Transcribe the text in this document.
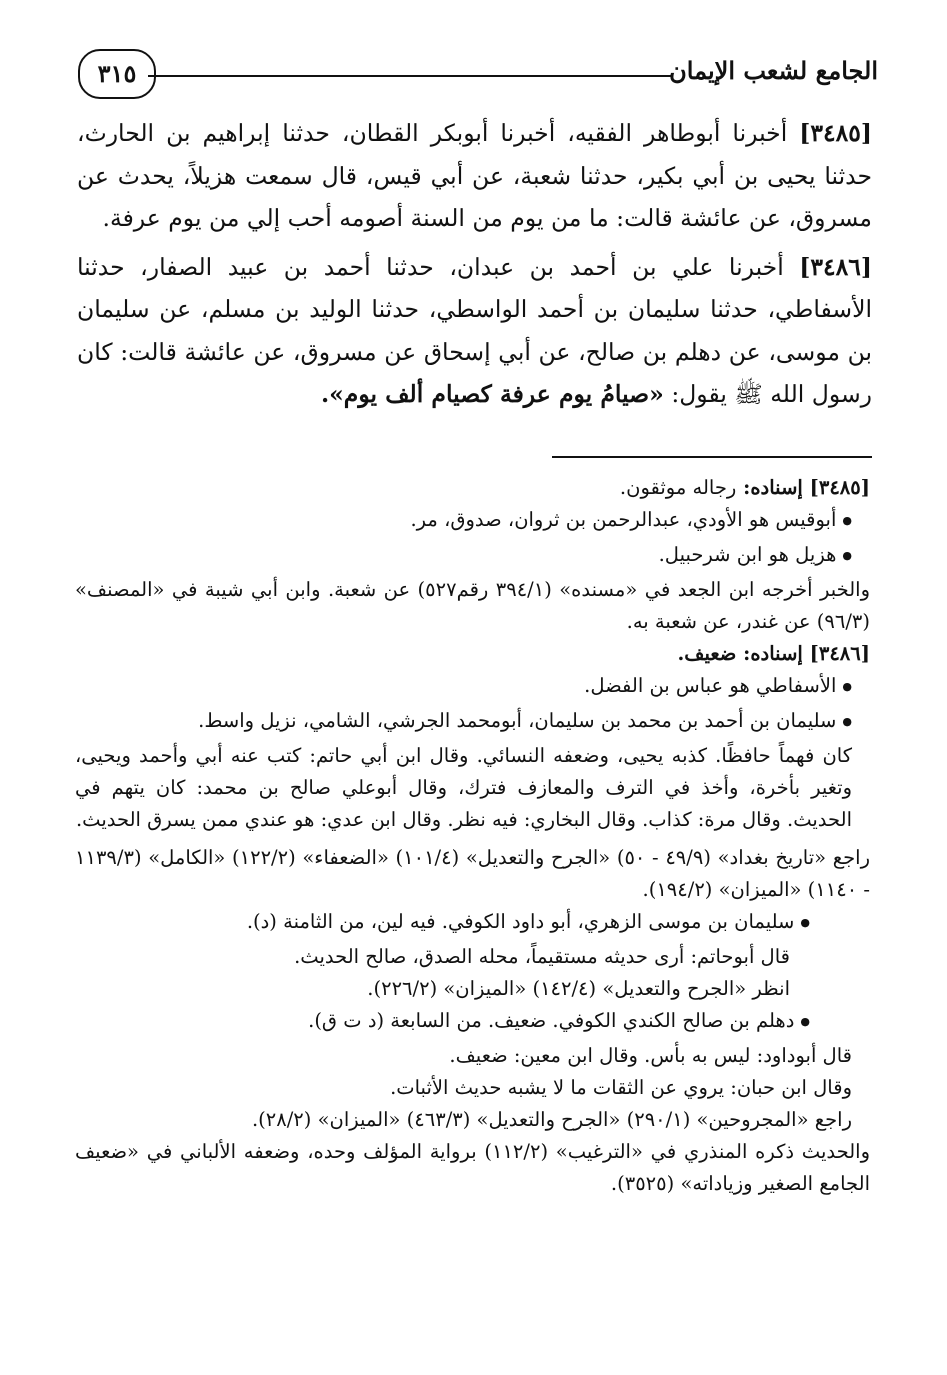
الجامع لشعب الإيمان
٣١٥

[٣٤٨٥] أخبرنا أبوطاهر الفقيه، أخبرنا أبوبكر القطان، حدثنا إبراهيم بن الحارث، حدثنا يحيى بن أبي بكير، حدثنا شعبة، عن أبي قيس، قال سمعت هزيلاً، يحدث عن مسروق، عن عائشة قالت: ما من يوم من السنة أصومه أحب إلي من يوم عرفة.

[٣٤٨٦] أخبرنا علي بن أحمد بن عبدان، حدثنا أحمد بن عبيد الصفار، حدثنا الأسفاطي، حدثنا سليمان بن أحمد الواسطي، حدثنا الوليد بن مسلم، عن سليمان بن موسى، عن دهلم بن صالح، عن أبي إسحاق عن مسروق، عن عائشة قالت: كان رسول الله ﷺ يقول: «صيامُ يوم عرفة كصيام ألف يوم».

[٣٤٨٥] إسناده: رجاله موثقون.

● أبوقيس هو الأودي، عبدالرحمن بن ثروان، صدوق، مر.

● هزيل هو ابن شرحبيل.

والخبر أخرجه ابن الجعد في «مسنده» (٣٩٤/١ رقم٥٢٧) عن شعبة. وابن أبي شيبة في «المصنف» (٩٦/٣) عن غندر، عن شعبة به.

[٣٤٨٦] إسناده: ضعيف.

● الأسفاطي هو عباس بن الفضل.

● سليمان بن أحمد بن محمد بن سليمان، أبومحمد الجرشي، الشامي، نزيل واسط.

كان فهماً حافظًا. كذبه يحيى، وضعفه النسائي. وقال ابن أبي حاتم: كتب عنه أبي وأحمد ويحيى، وتغير بأخرة، وأخذ في الترف والمعازف فترك، وقال أبوعلي صالح بن محمد: كان يتهم في الحديث. وقال مرة: كذاب. وقال البخاري: فيه نظر. وقال ابن عدي: هو عندي ممن يسرق الحديث.

راجع «تاريخ بغداد» (٤٩/٩ - ٥٠) «الجرح والتعديل» (١٠١/٤) «الضعفاء» (١٢٢/٢) «الكامل» (١١٣٩/٣ - ١١٤٠) «الميزان» (١٩٤/٢).

● سليمان بن موسى الزهري، أبو داود الكوفي. فيه لين، من الثامنة (د).

قال أبوحاتم: أرى حديثه مستقيماً، محله الصدق، صالح الحديث.

انظر «الجرح والتعديل» (١٤٢/٤) «الميزان» (٢٢٦/٢).

● دهلم بن صالح الكندي الكوفي. ضعيف. من السابعة (د ت ق).

قال أبوداود: ليس به بأس. وقال ابن معين: ضعيف.

وقال ابن حبان: يروي عن الثقات ما لا يشبه حديث الأثبات.

راجع «المجروحين» (٢٩٠/١) «الجرح والتعديل» (٤٦٣/٣) «الميزان» (٢٨/٢).

والحديث ذكره المنذري في «الترغيب» (١١٢/٢) برواية المؤلف وحده، وضعفه الألباني في «ضعيف الجامع الصغير وزياداته» (٣٥٢٥).
